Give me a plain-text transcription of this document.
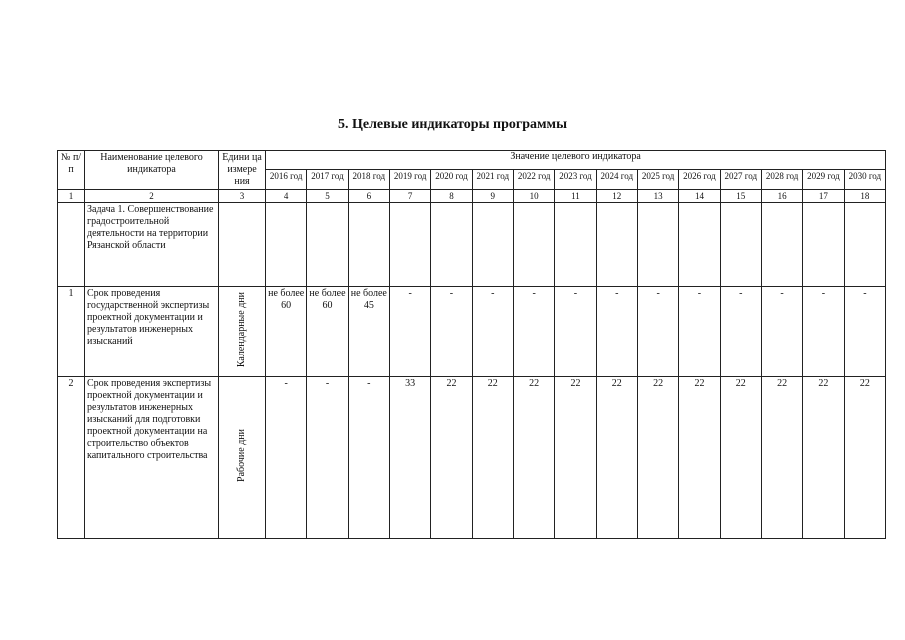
5. Целевые индикаторы программы
№ п/п	Наименование целевого индикатора	Едини ца измере ния	Значение целевого индикатора														
			2016 год	2017 год	2018 год	2019 год	2020 год	2021 год	2022 год	2023 год	2024 год	2025 год	2026 год	2027 год	2028 год	2029 год	2030 год
1	2	3	4	5	6	7	8	9	10	11	12	13	14	15	16	17	18
	Задача 1. Совершенствование градостроительной деятельности на территории Рязанской области																
1	Срок проведения государственной экспертизы проектной документации и результатов инженерных изысканий	Календарные дни	не более 60	не более 60	не более 45	-	-	-	-	-	-	-	-	-	-	-	-
2	Срок проведения экспертизы проектной документации и результатов инженерных изысканий для подготовки проектной документации на строительство объектов капитального строительства	Рабочие дни	-	-	-	33	22	22	22	22	22	22	22	22	22	22	22
